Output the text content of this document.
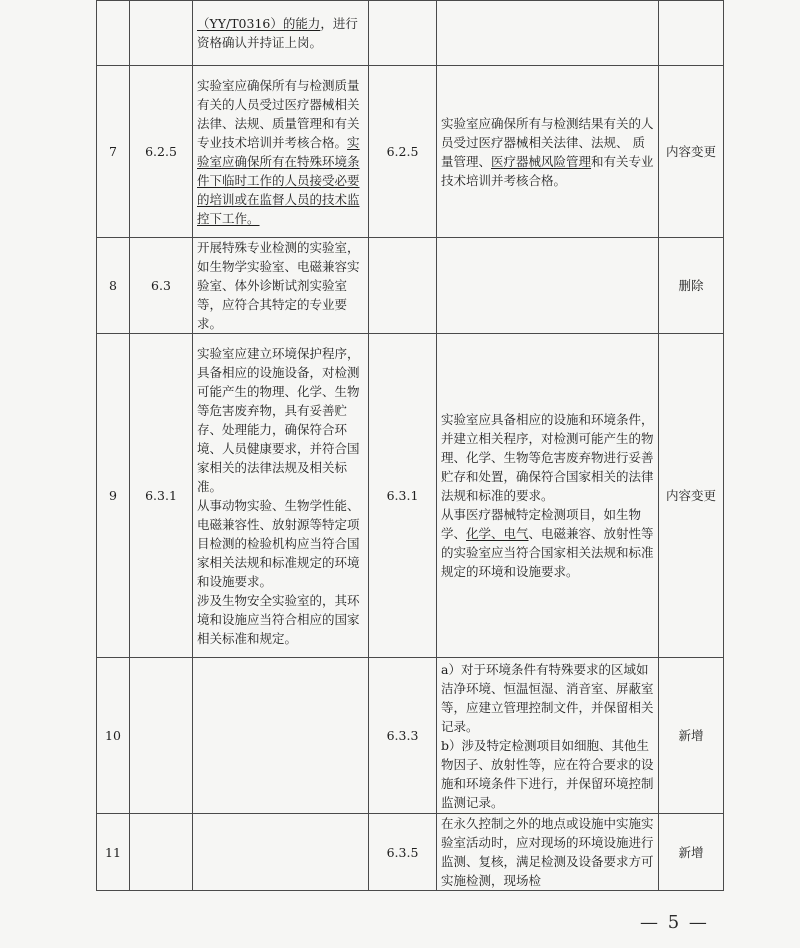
		（YY/T0316）的能力，进行资格确认并持证上岗。			
7	6.2.5	实验室应确保所有与检测质量有关的人员受过医疗器械相关法律、法规、质量管理和有关专业技术培训并考核合格。实验室应确保所有在特殊环境条件下临时工作的人员接受必要的培训或在监督人员的技术监控下工作。	6.2.5	实验室应确保所有与检测结果有关的人员受过医疗器械相关法律、法规、 质量管理、医疗器械风险管理和有关专业技术培训并考核合格。	内容变更
8	6.3	开展特殊专业检测的实验室，如生物学实验室、电磁兼容实验室、体外诊断试剂实验室等，应符合其特定的专业要求。			删除
9	6.3.1	实验室应建立环境保护程序，具备相应的设施设备，对检测可能产生的物理、化学、生物等危害废弃物，具有妥善贮存、处理能力，确保符合环境、人员健康要求，并符合国家相关的法律法规及相关标准。
从事动物实验、生物学性能、电磁兼容性、放射源等特定项目检测的检验机构应当符合国家相关法规和标准规定的环境和设施要求。
涉及生物安全实验室的，其环境和设施应当符合相应的国家相关标准和规定。	6.3.1	实验室应具备相应的设施和环境条件，并建立相关程序，对检测可能产生的物理、化学、生物等危害废弃物进行妥善贮存和处置，确保符合国家相关的法律法规和标准的要求。
从事医疗器械特定检测项目，如生物学、化学、电气、电磁兼容、放射性等的实验室应当符合国家相关法规和标准规定的环境和设施要求。	内容变更
10			6.3.3	a）对于环境条件有特殊要求的区域如洁净环境、恒温恒湿、消音室、屏蔽室等，应建立管理控制文件，并保留相关记录。
b）涉及特定检测项目如细胞、其他生物因子、放射性等，应在符合要求的设施和环境条件下进行，并保留环境控制监测记录。	新增
11			6.3.5	在永久控制之外的地点或设施中实施实验室活动时，应对现场的环境设施进行监测、复核，满足检测及设备要求方可实施检测，现场检	新增
— 5 —
